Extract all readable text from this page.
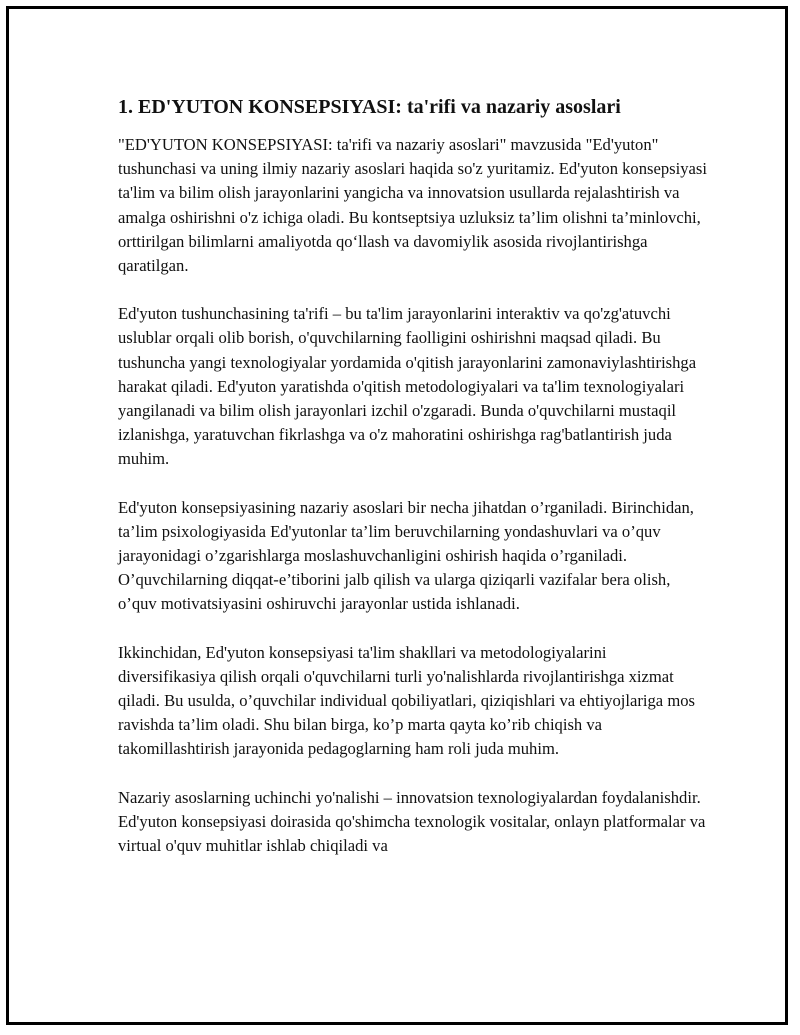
1. ED'YUTON KONSEPSIYASI: ta'rifi va nazariy asoslari

"ED'YUTON KONSEPSIYASI: ta'rifi va nazariy asoslari" mavzusida "Ed'yuton" tushunchasi va uning ilmiy nazariy asoslari haqida so'z yuritamiz. Ed'yuton konsepsiyasi ta'lim va bilim olish jarayonlarini yangicha va innovatsion usullarda rejalashtirish va amalga oshirishni o'z ichiga oladi. Bu kontseptsiya uzluksiz ta’lim olishni ta’minlovchi, orttirilgan bilimlarni amaliyotda qo‘llash va davomiylik asosida rivojlantirishga qaratilgan.

Ed'yuton tushunchasining ta'rifi – bu ta'lim jarayonlarini interaktiv va qo'zg'atuvchi uslublar orqali olib borish, o'quvchilarning faolligini oshirishni maqsad qiladi. Bu tushuncha yangi texnologiyalar yordamida o'qitish jarayonlarini zamonaviylashtirishga harakat qiladi. Ed'yuton yaratishda o'qitish metodologiyalari va ta'lim texnologiyalari yangilanadi va bilim olish jarayonlari izchil o'zgaradi. Bunda o'quvchilarni mustaqil izlanishga, yaratuvchan fikrlashga va o'z mahoratini oshirishga rag'batlantirish juda muhim.

Ed'yuton konsepsiyasining nazariy asoslari bir necha jihatdan o’rganiladi. Birinchidan, ta’lim psixologiyasida Ed'yutonlar ta’lim beruvchilarning yondashuvlari va o’quv jarayonidagi o’zgarishlarga moslashuvchanligini oshirish haqida o’rganiladi. O’quvchilarning diqqat-e’tiborini jalb qilish va ularga qiziqarli vazifalar bera olish, o’quv motivatsiyasini oshiruvchi jarayonlar ustida ishlanadi.

Ikkinchidan, Ed'yuton konsepsiyasi ta'lim shakllari va metodologiyalarini diversifikasiya qilish orqali o'quvchilarni turli yo'nalishlarda rivojlantirishga xizmat qiladi. Bu usulda, o’quvchilar individual qobiliyatlari, qiziqishlari va ehtiyojlariga mos ravishda ta’lim oladi. Shu bilan birga, ko’p marta qayta ko’rib chiqish va takomillashtirish jarayonida pedagoglarning ham roli juda muhim.

Nazariy asoslarning uchinchi yo'nalishi – innovatsion texnologiyalardan foydalanishdir. Ed'yuton konsepsiyasi doirasida qo'shimcha texnologik vositalar, onlayn platformalar va virtual o'quv muhitlar ishlab chiqiladi va
